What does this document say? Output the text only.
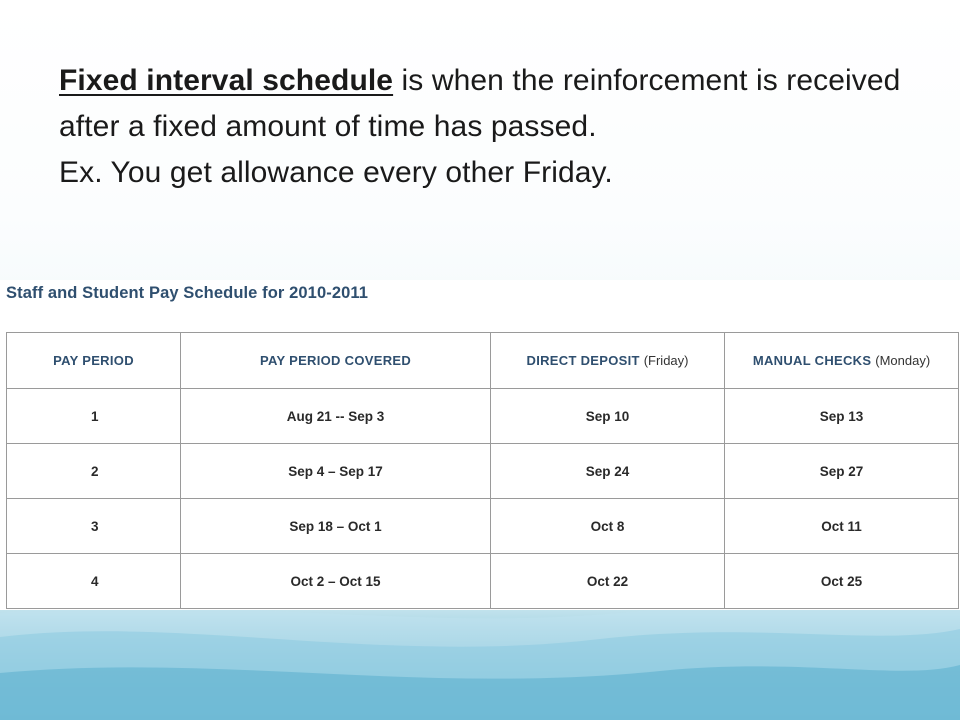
Fixed interval schedule is when the reinforcement is received after a fixed amount of time has passed.
Ex. You get allowance every other Friday.
Staff and Student Pay Schedule for 2010-2011
PAY PERIOD	PAY PERIOD COVERED	DIRECT DEPOSIT (Friday)	MANUAL CHECKS (Monday)
1	Aug 21 -- Sep 3	Sep 10	Sep 13
2	Sep 4 – Sep 17	Sep 24	Sep 27
3	Sep 18 – Oct 1	Oct 8	Oct 11
4	Oct 2 – Oct 15	Oct 22	Oct 25
